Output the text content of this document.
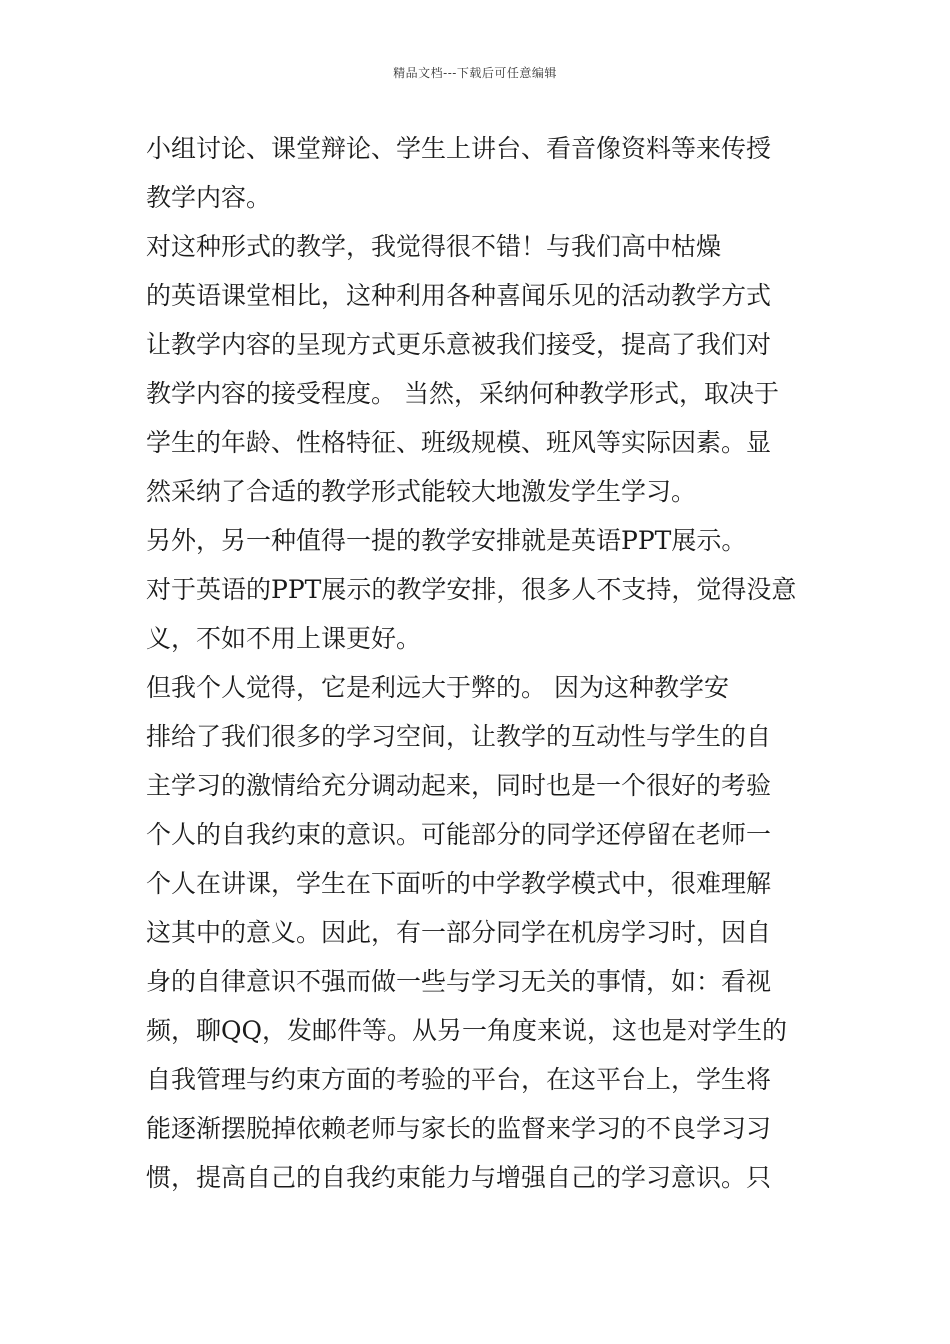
精品文档---下载后可任意编辑
小组讨论、课堂辩论、学生上讲台、看音像资料等来传授
教学内容。
对这种形式的教学，我觉得很不错！与我们高中枯燥
的英语课堂相比，这种利用各种喜闻乐见的活动教学方式
让教学内容的呈现方式更乐意被我们接受，提高了我们对
教学内容的接受程度。 当然，采纳何种教学形式，取决于
学生的年龄、性格特征、班级规模、班风等实际因素。显
然采纳了合适的教学形式能较大地激发学生学习。
另外，另一种值得一提的教学安排就是英语PPT展示。
对于英语的PPT展示的教学安排，很多人不支持，觉得没意
义，不如不用上课更好。
但我个人觉得，它是利远大于弊的。 因为这种教学安
排给了我们很多的学习空间，让教学的互动性与学生的自
主学习的激情给充分调动起来，同时也是一个很好的考验
个人的自我约束的意识。可能部分的同学还停留在老师一
个人在讲课，学生在下面听的中学教学模式中，很难理解
这其中的意义。因此，有一部分同学在机房学习时，因自
身的自律意识不强而做一些与学习无关的事情，如：看视
频，聊QQ，发邮件等。从另一角度来说，这也是对学生的
自我管理与约束方面的考验的平台，在这平台上，学生将
能逐渐摆脱掉依赖老师与家长的监督来学习的不良学习习
惯，提高自己的自我约束能力与增强自己的学习意识。只
